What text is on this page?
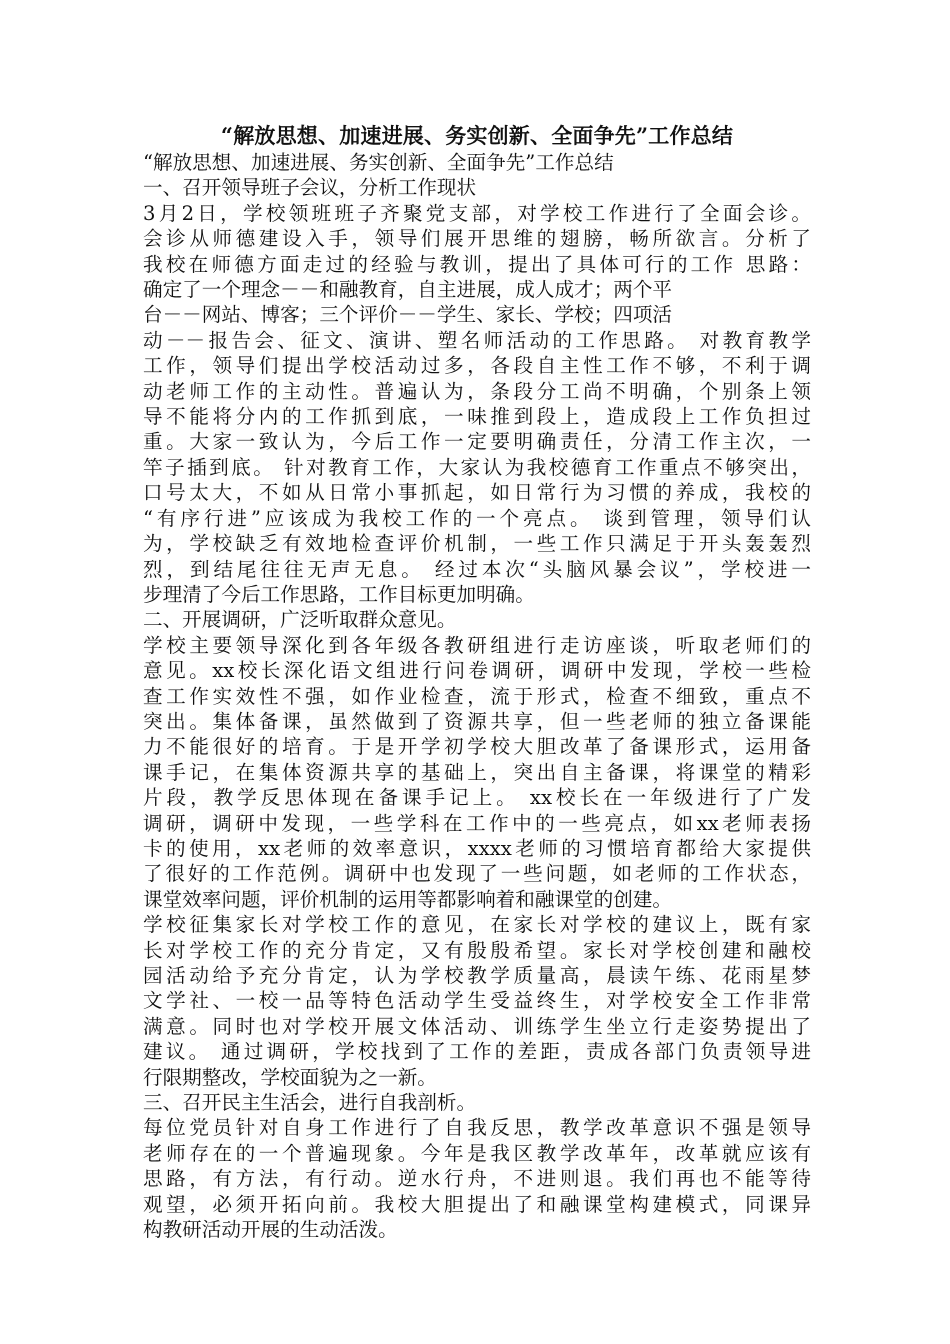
“解放思想、加速进展、务实创新、全面争先”工作总结

“解放思想、加速进展、务实创新、全面争先”工作总结

一、召开领导班子会议，分析工作现状

3月2日，学校领班班子齐聚党支部，对学校工作进行了全面会诊。

会诊从师德建设入手，领导们展开思维的翅膀，畅所欲言。分析了

我校在师德方面走过的经验与教训，提出了具体可行的工作 思路：

确定了一个理念－－和融教育，自主进展，成人成才；两个平

台－－网站、博客；三个评价－－学生、家长、学校；四项活

动－－报告会、征文、演讲、塑名师活动的工作思路。 对教育教学

工作，领导们提出学校活动过多，各段自主性工作不够，不利于调

动老师工作的主动性。普遍认为，条段分工尚不明确，个别条上领

导不能将分内的工作抓到底，一味推到段上，造成段上工作负担过

重。大家一致认为，今后工作一定要明确责任，分清工作主次，一

竿子插到底。 针对教育工作，大家认为我校德育工作重点不够突出，

口号太大，不如从日常小事抓起，如日常行为习惯的养成，我校的

“有序行进”应该成为我校工作的一个亮点。 谈到管理，领导们认

为，学校缺乏有效地检查评价机制，一些工作只满足于开头轰轰烈

烈，到结尾往往无声无息。 经过本次“头脑风暴会议”，学校进一

步理清了今后工作思路，工作目标更加明确。

二、开展调研，广泛听取群众意见。

学校主要领导深化到各年级各教研组进行走访座谈，听取老师们的

意见。xx校长深化语文组进行问卷调研，调研中发现，学校一些检

查工作实效性不强，如作业检查，流于形式，检查不细致，重点不

突出。集体备课，虽然做到了资源共享，但一些老师的独立备课能

力不能很好的培育。于是开学初学校大胆改革了备课形式，运用备

课手记，在集体资源共享的基础上，突出自主备课，将课堂的精彩

片段，教学反思体现在备课手记上。 xx校长在一年级进行了广发

调研，调研中发现，一些学科在工作中的一些亮点，如xx老师表扬

卡的使用，xx老师的效率意识，xxxx老师的习惯培育都给大家提供

了很好的工作范例。调研中也发现了一些问题，如老师的工作状态，

课堂效率问题，评价机制的运用等都影响着和融课堂的创建。

学校征集家长对学校工作的意见，在家长对学校的建议上，既有家

长对学校工作的充分肯定，又有殷殷希望。家长对学校创建和融校

园活动给予充分肯定，认为学校教学质量高，晨读午练、花雨星梦

文学社、一校一品等特色活动学生受益终生，对学校安全工作非常

满意。同时也对学校开展文体活动、训练学生坐立行走姿势提出了

建议。 通过调研，学校找到了工作的差距，责成各部门负责领导进

行限期整改，学校面貌为之一新。

三、召开民主生活会，进行自我剖析。

每位党员针对自身工作进行了自我反思，教学改革意识不强是领导

老师存在的一个普遍现象。今年是我区教学改革年，改革就应该有

思路，有方法，有行动。逆水行舟，不进则退。我们再也不能等待

观望，必须开拓向前。我校大胆提出了和融课堂构建模式，同课异

构教研活动开展的生动活泼。
